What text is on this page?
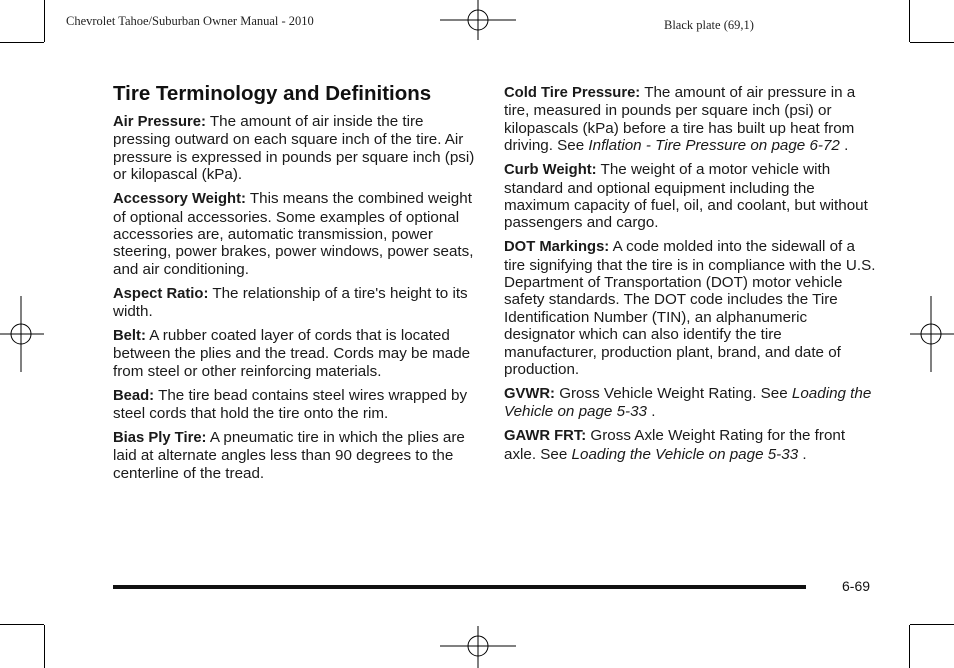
Chevrolet Tahoe/Suburban Owner Manual - 2010	Black plate (69,1)
Tire Terminology and Definitions

Air Pressure: The amount of air inside the tire pressing outward on each square inch of the tire. Air pressure is expressed in pounds per square inch (psi) or kilopascal (kPa).

Accessory Weight: This means the combined weight of optional accessories. Some examples of optional accessories are, automatic transmission, power steering, power brakes, power windows, power seats, and air conditioning.

Aspect Ratio: The relationship of a tire's height to its width.

Belt: A rubber coated layer of cords that is located between the plies and the tread. Cords may be made from steel or other reinforcing materials.

Bead: The tire bead contains steel wires wrapped by steel cords that hold the tire onto the rim.

Bias Ply Tire: A pneumatic tire in which the plies are laid at alternate angles less than 90 degrees to the centerline of the tread.

Cold Tire Pressure: The amount of air pressure in a tire, measured in pounds per square inch (psi) or kilopascals (kPa) before a tire has built up heat from driving. See Inflation - Tire Pressure on page 6-72 .

Curb Weight: The weight of a motor vehicle with standard and optional equipment including the maximum capacity of fuel, oil, and coolant, but without passengers and cargo.

DOT Markings: A code molded into the sidewall of a tire signifying that the tire is in compliance with the U.S. Department of Transportation (DOT) motor vehicle safety standards. The DOT code includes the Tire Identification Number (TIN), an alphanumeric designator which can also identify the tire manufacturer, production plant, brand, and date of production.

GVWR: Gross Vehicle Weight Rating. See Loading the Vehicle on page 5-33 .

GAWR FRT: Gross Axle Weight Rating for the front axle. See Loading the Vehicle on page 5-33 .

6-69
